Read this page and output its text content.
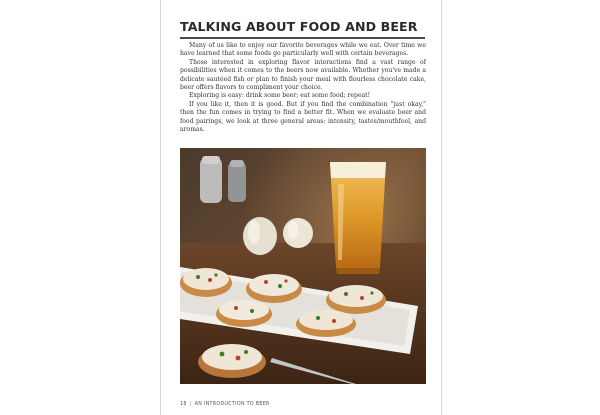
TALKING ABOUT FOOD AND BEER

Many of us like to enjoy our favorite beverages while we eat. Over time we have learned that some foods go particularly well with certain beverages.

Those interested in exploring flavor interactions find a vast range of possibilities when it comes to the beers now available. Whether you've made a delicate sautéed fish or plan to finish your meal with flourless chocolate cake, beer offers flavors to compliment your choice.

Exploring is easy: drink some beer; eat some food; repeat!

If you like it, then it is good. But if you find the combination "just okay," then the fun comes in trying to find a better fit. When we evaluate beer and food pairings, we look at three general areas: intensity, tastes/mouthfeel, and aromas.

18 | AN INTRODUCTION TO BEER
